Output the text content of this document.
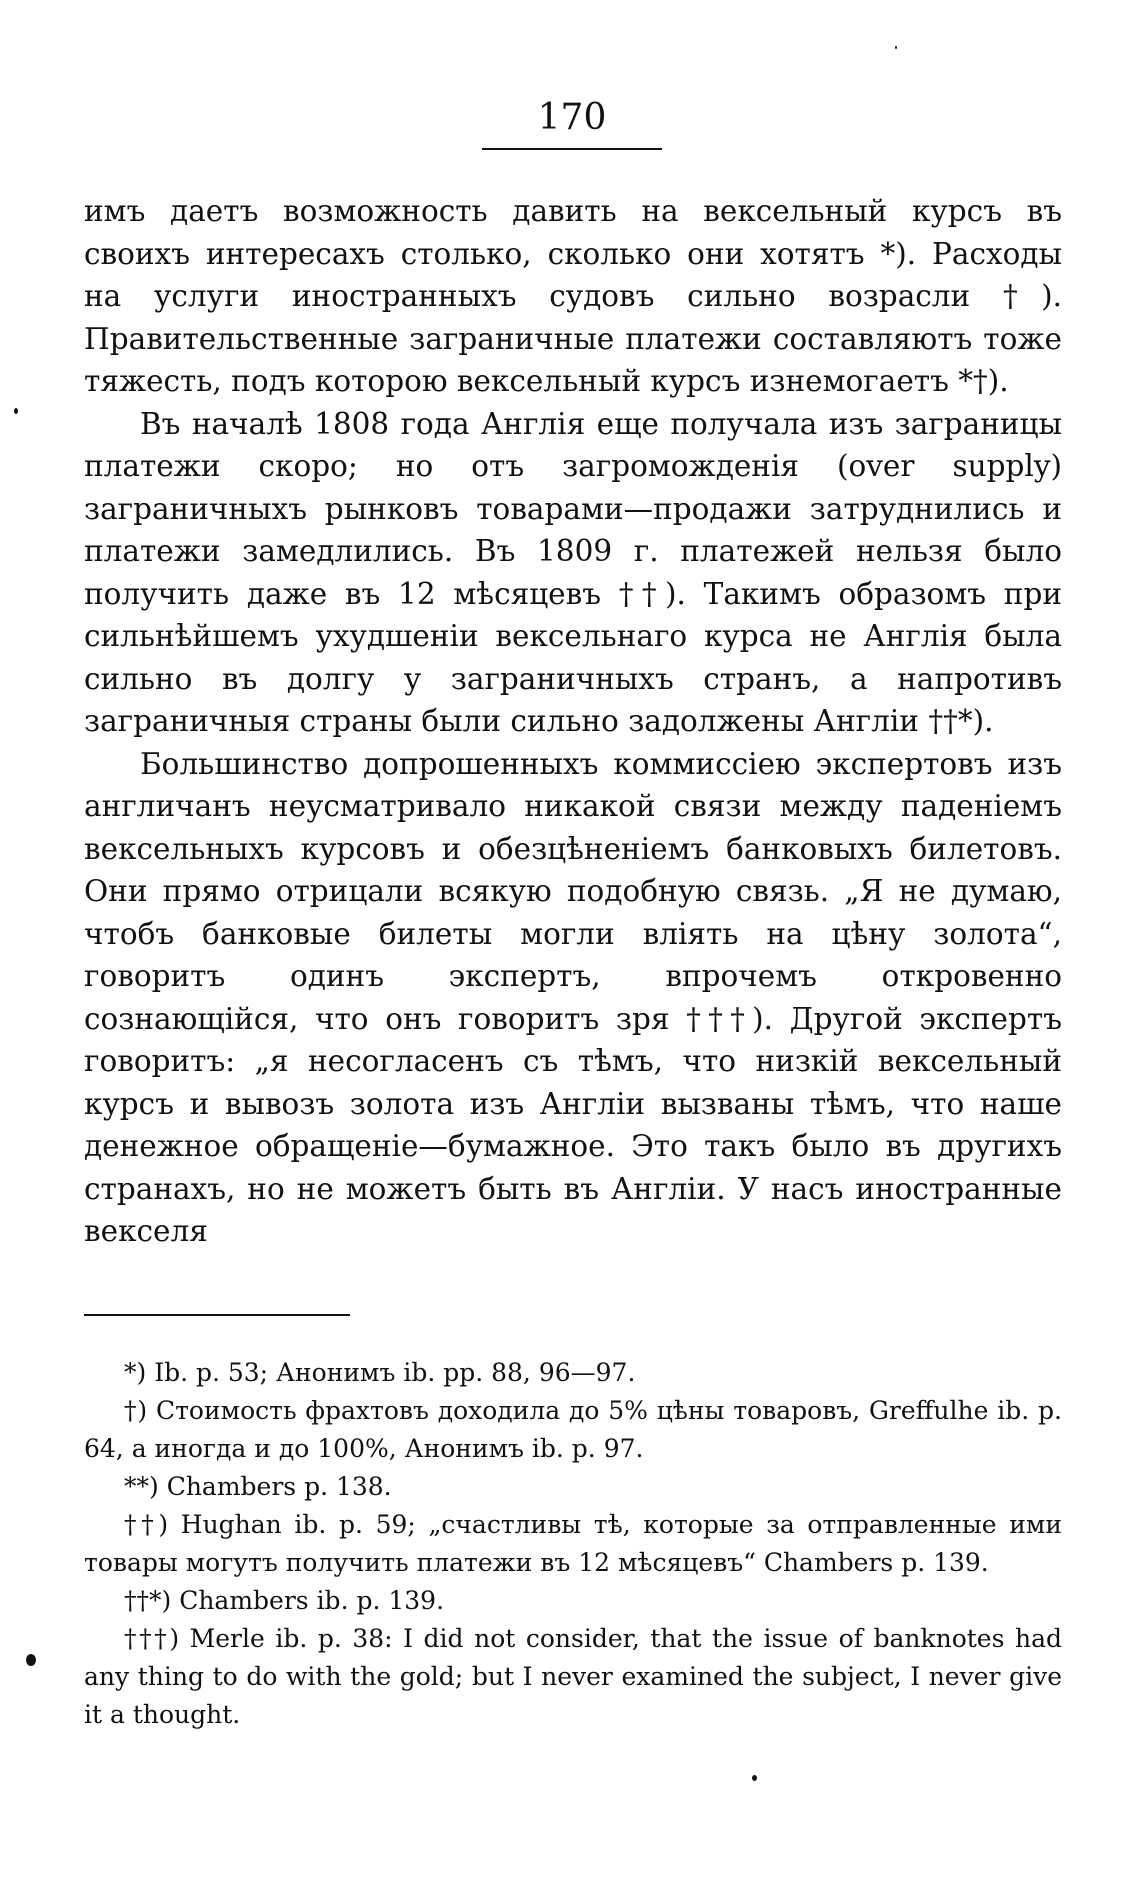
170

имъ даетъ возможность давить на вексельный курсъ въ своихъ интересахъ столько, сколько они хотятъ *). Расходы на услуги иностранныхъ судовъ сильно возрасли †). Правительственные заграничные платежи составляютъ тоже тяжесть, подъ которою вексельный курсъ изнемогаетъ *†).

Въ началѣ 1808 года Англія еще получала изъ заграницы платежи скоро; но отъ загроможденія (over supply) заграничныхъ рынковъ товарами—продажи затруднились и платежи замедлились. Въ 1809 г. платежей нельзя было получить даже въ 12 мѣсяцевъ ††). Такимъ образомъ при сильнѣйшемъ ухудшеніи вексельнаго курса не Англія была сильно въ долгу у заграничныхъ странъ, а напротивъ заграничныя страны были сильно задолжены Англіи ††*).

Большинство допрошенныхъ коммиссіею экспертовъ изъ англичанъ неусматривало никакой связи между паденіемъ вексельныхъ курсовъ и обезцѣненіемъ банковыхъ билетовъ. Они прямо отрицали всякую подобную связь. „Я не думаю, чтобъ банковые билеты могли вліять на цѣну золота“, говоритъ одинъ экспертъ, впрочемъ откровенно сознающійся, что онъ говоритъ зря †††). Другой экспертъ говоритъ: „я несогласенъ съ тѣмъ, что низкій вексельный курсъ и вывозъ золота изъ Англіи вызваны тѣмъ, что наше денежное обращеніе—бумажное. Это такъ было въ другихъ странахъ, но не можетъ быть въ Англіи. У насъ иностранные векселя

*) Ib. p. 53; Анонимъ ib. pp. 88, 96—97.

†) Стоимость фрахтовъ доходила до 5% цѣны товаровъ, Greffulhe ib. p. 64, а иногда и до 100%, Анонимъ ib. p. 97.

**) Chambers p. 138.

††) Hughan ib. p. 59; „счастливы тѣ, которые за отправленные ими товары могутъ получить платежи въ 12 мѣсяцевъ“ Chambers p. 139.

††*) Chambers ib. p. 139.

†††) Merle ib. p. 38: I did not consider, that the issue of banknotes had any thing to do with the gold; but I never examined the subject, I never give it a thought.
